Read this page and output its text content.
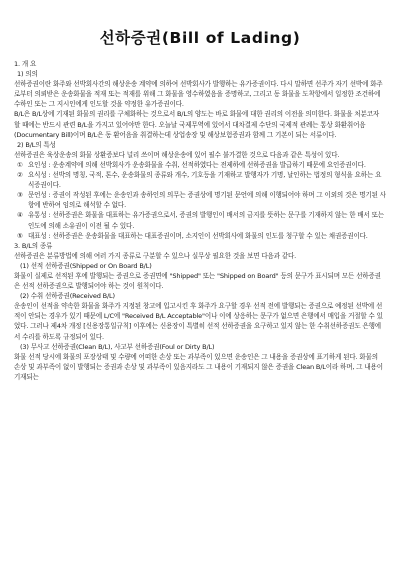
선하증권(Bill of Lading)

1. 개 요

1) 의의

선하증권이란 화주와 선박회사간의 해상운송 계약에 의하여 선박회사가 발행하는 유가증권이다. 다시 말하면 선주가 자기 선박에 화주로부터 의뢰받은 운송화물을 적재 또는 적재를 위해 그 화물을 영수하였음을 증명하고, 그리고 동 화물을 도착항에서 일정한 조건하에 수하인 또는 그 지시인에게 인도할 것을 약정한 유가증권이다.

B/L은 B/L상에 기재된 화물의 권리를 구체화하는 것으로서 B/L의 양도는 바로 화물에 대한 권리의 이전을 의미한다. 화물을 처분코자 할 때에는 반드시 관련 B/L을 가지고 있어야만 한다. 오늘날 국제무역에 있어서 대차결제 수단의 국제적 관례는 통상 화환취어음(Documentary Bill)이며 B/L은 동 환어음을 취결하는데 상업송장 및 해상보험증권과 함께 그 기본이 되는 서류이다.

2) B/L의 특성

선하증권은 육상운송의 화물 상환증보다 널리 쓰이며 해상운송에 있어 필수 불가결한 것으로 다음과 같은 특성이 있다.

① 요인성 : 운송계약에 의해 선박회사가 운송화물을 수취, 선적하였다는 전제하에 선하증권을 발급하기 때문에 요인증권이다.
② 요식성 : 선박의 명칭, 국적, 톤수, 운송화물의 종류와 개수, 기호등을 기재하고 발행자가 기명, 날인하는 법정의 형식을 요하는 요식증권이다.
③ 문언성 : 증권이 작성된 후에는 운송인과 송하인의 의무는 증권상에 명기된 문언에 의해 이행되어야 하며 그 이외의 것은 명기된 사항에 반하여 임의로 해석할 수 없다.
④ 유통성 : 선하증권은 화물을 대표하는 유가증권으로서, 증권의 발행인이 배서의 금지를 뜻하는 문구를 기재하지 않는 한 배서 또는 인도에 의해 소유권이 이전 될 수 있다.
⑤ 대표성 : 선하증권은 운송화물을 대표하는 대표증권이며, 소지인이 선박회사에 화물의 인도를 청구할 수 있는 채권증권이다.

3. B/L의 종류

선하증권은 분류방법에 의해 여러 가지 종류로 구분할 수 있으나 실무상 필요한 것을 보면 다음과 같다.

(1) 선적 선하증권(Shipped or On Board B/L)

화물이 실제로 선적된 후에 발행되는 증권으로 증권면에 "Shipped" 또는 "Shipped on Board" 등의 문구가 표시되며 모든 선하증권은 선적 선하증권으로 발행되어야 하는 것이 원칙이다.

(2) 수취 선하증권(Received B/L)

운송인이 선적을 약속한 화물을 화주가 지정된 창고에 입고시킨 후 화주가 요구할 경우 선적 전에 발행되는 증권으로 예정된 선박에 선적이 안되는 경우가 있기 때문에 L/C에 "Received B/L Acceptable"이나 이에 상응하는 문구가 없으면 은행에서 매입을 거절할 수 있었다. 그러나 제4차 개정 [신용장통일규칙] 이후에는 신용장이 특별히 선적 선하증권을 요구하고 있지 않는 한 수취선하증권도 은행에서 수리를 하도록 규정되어 있다.

(3) 무사고 선하증권(Clean B/L), 사고부 선하증권(Foul or Dirty B/L)

화물 선적 당시에 화물의 포장상태 및 수량에 어떠한 손상 또는 과부족이 있으면 운송인은 그 내용을 증권상에 표기하게 된다. 화물의 손상 및 과부족이 없이 발행되는 증권과 손상 및 과부족이 있음지라도 그 내용이 기재되지 않은 증권을 Clean B/L이라 하며, 그 내용이 기재되는
